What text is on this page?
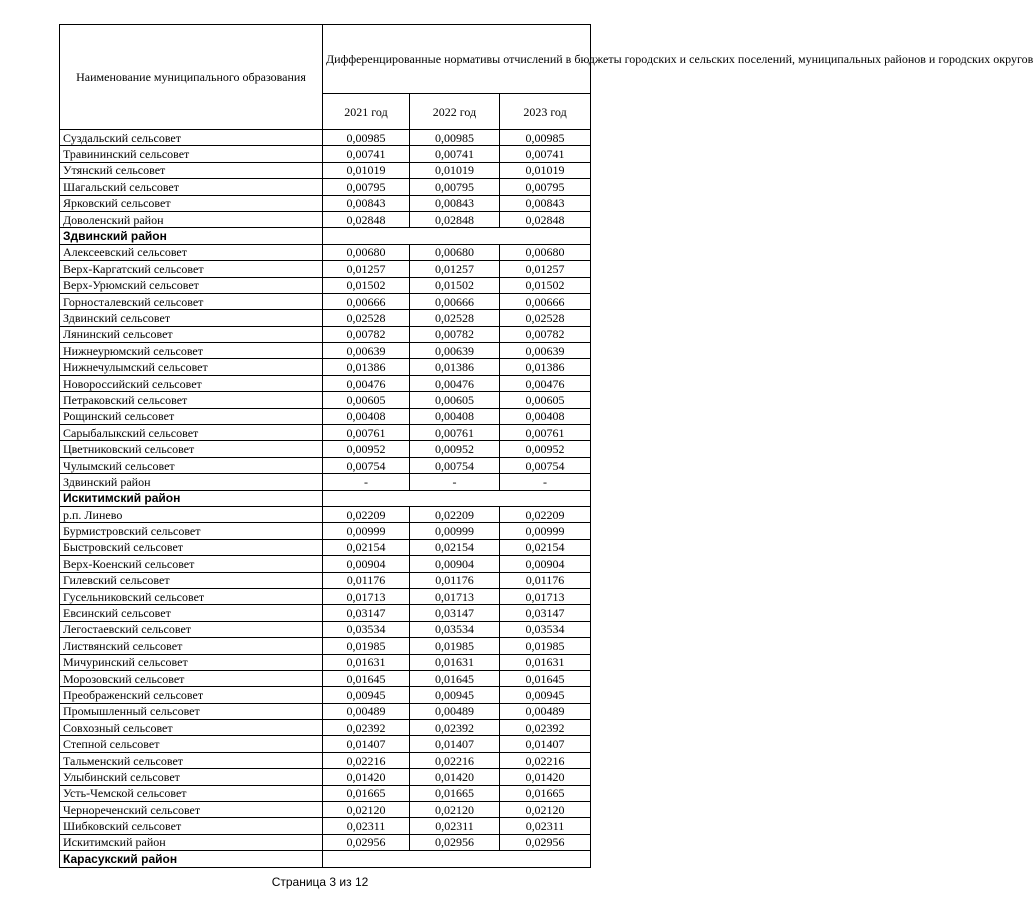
Наименование муниципального образования	Дифференцированные нормативы отчислений в бюджеты городских и сельских поселений, муниципальных районов и городских округов		
	2021 год	2022 год	2023 год
Суздальский сельсовет	0,00985	0,00985	0,00985
Травининский сельсовет	0,00741	0,00741	0,00741
Утянский сельсовет	0,01019	0,01019	0,01019
Шагальский сельсовет	0,00795	0,00795	0,00795
Ярковский сельсовет	0,00843	0,00843	0,00843
Доволенский район	0,02848	0,02848	0,02848
Здвинский район			
Алексеевский сельсовет	0,00680	0,00680	0,00680
Верх-Каргатский сельсовет	0,01257	0,01257	0,01257
Верх-Урюмский сельсовет	0,01502	0,01502	0,01502
Горносталевский сельсовет	0,00666	0,00666	0,00666
Здвинский сельсовет	0,02528	0,02528	0,02528
Лянинский сельсовет	0,00782	0,00782	0,00782
Нижнеурюмский сельсовет	0,00639	0,00639	0,00639
Нижнечулымский сельсовет	0,01386	0,01386	0,01386
Новороссийский сельсовет	0,00476	0,00476	0,00476
Петраковский сельсовет	0,00605	0,00605	0,00605
Рощинский сельсовет	0,00408	0,00408	0,00408
Сарыбалыкский сельсовет	0,00761	0,00761	0,00761
Цветниковский сельсовет	0,00952	0,00952	0,00952
Чулымский сельсовет	0,00754	0,00754	0,00754
Здвинский район	-	-	-
Искитимский район			
р.п. Линево	0,02209	0,02209	0,02209
Бурмистровский сельсовет	0,00999	0,00999	0,00999
Быстровский сельсовет	0,02154	0,02154	0,02154
Верх-Коенский сельсовет	0,00904	0,00904	0,00904
Гилевский сельсовет	0,01176	0,01176	0,01176
Гусельниковский сельсовет	0,01713	0,01713	0,01713
Евсинский сельсовет	0,03147	0,03147	0,03147
Легостаевский сельсовет	0,03534	0,03534	0,03534
Листвянский сельсовет	0,01985	0,01985	0,01985
Мичуринский сельсовет	0,01631	0,01631	0,01631
Морозовский сельсовет	0,01645	0,01645	0,01645
Преображенский сельсовет	0,00945	0,00945	0,00945
Промышленный сельсовет	0,00489	0,00489	0,00489
Совхозный сельсовет	0,02392	0,02392	0,02392
Степной сельсовет	0,01407	0,01407	0,01407
Тальменский сельсовет	0,02216	0,02216	0,02216
Улыбинский сельсовет	0,01420	0,01420	0,01420
Усть-Чемской сельсовет	0,01665	0,01665	0,01665
Чернореченский сельсовет	0,02120	0,02120	0,02120
Шибковский сельсовет	0,02311	0,02311	0,02311
Искитимский район	0,02956	0,02956	0,02956
Карасукский район			
Страница 3 из 12
